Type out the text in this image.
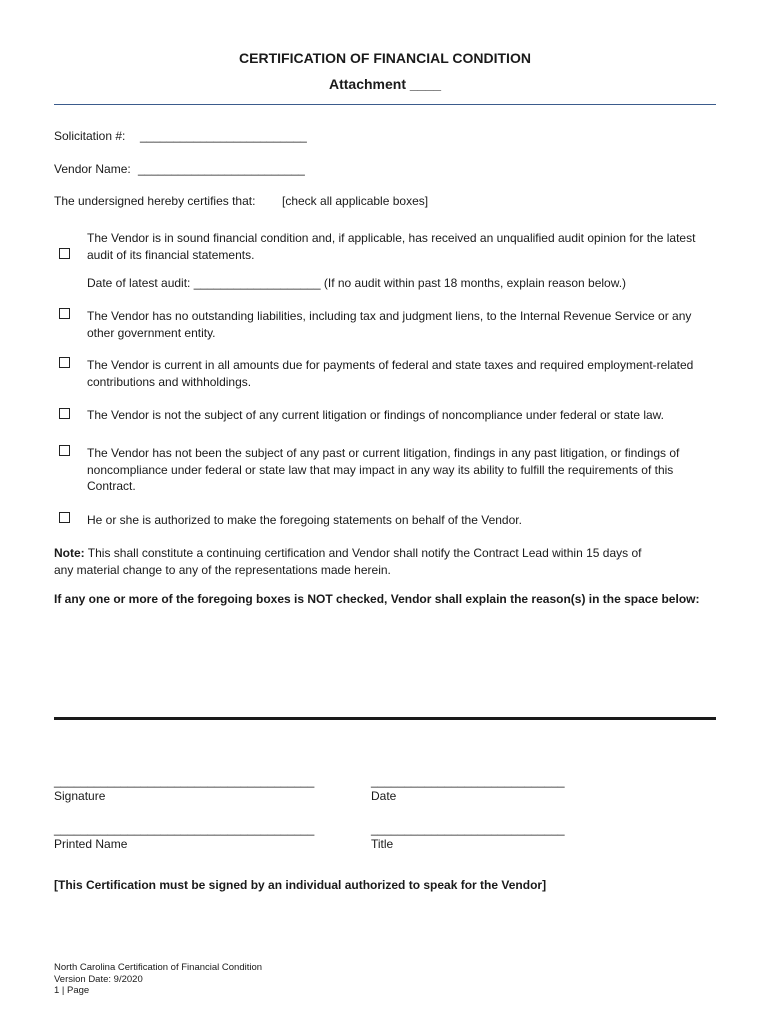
CERTIFICATION OF FINANCIAL CONDITION
Attachment ____
Solicitation #: _________________________
Vendor Name: _________________________
The undersigned hereby certifies that: [check all applicable boxes]
The Vendor is in sound financial condition and, if applicable, has received an unqualified audit opinion for the latest audit of its financial statements.
Date of latest audit: ___________________ (If no audit within past 18 months, explain reason below.)
The Vendor has no outstanding liabilities, including tax and judgment liens, to the Internal Revenue Service or any other government entity.
The Vendor is current in all amounts due for payments of federal and state taxes and required employment-related contributions and withholdings.
The Vendor is not the subject of any current litigation or findings of noncompliance under federal or state law.
The Vendor has not been the subject of any past or current litigation, findings in any past litigation, or findings of noncompliance under federal or state law that may impact in any way its ability to fulfill the requirements of this Contract.
He or she is authorized to make the foregoing statements on behalf of the Vendor.
Note: This shall constitute a continuing certification and Vendor shall notify the Contract Lead within 15 days of any material change to any of the representations made herein.
If any one or more of the foregoing boxes is NOT checked, Vendor shall explain the reason(s) in the space below:
_______________________________________	_____________________________
Signature	Date
_______________________________________	_____________________________
Printed Name	Title
[This Certification must be signed by an individual authorized to speak for the Vendor]
North Carolina Certification of Financial Condition
Version Date: 9/2020
1 | Page
